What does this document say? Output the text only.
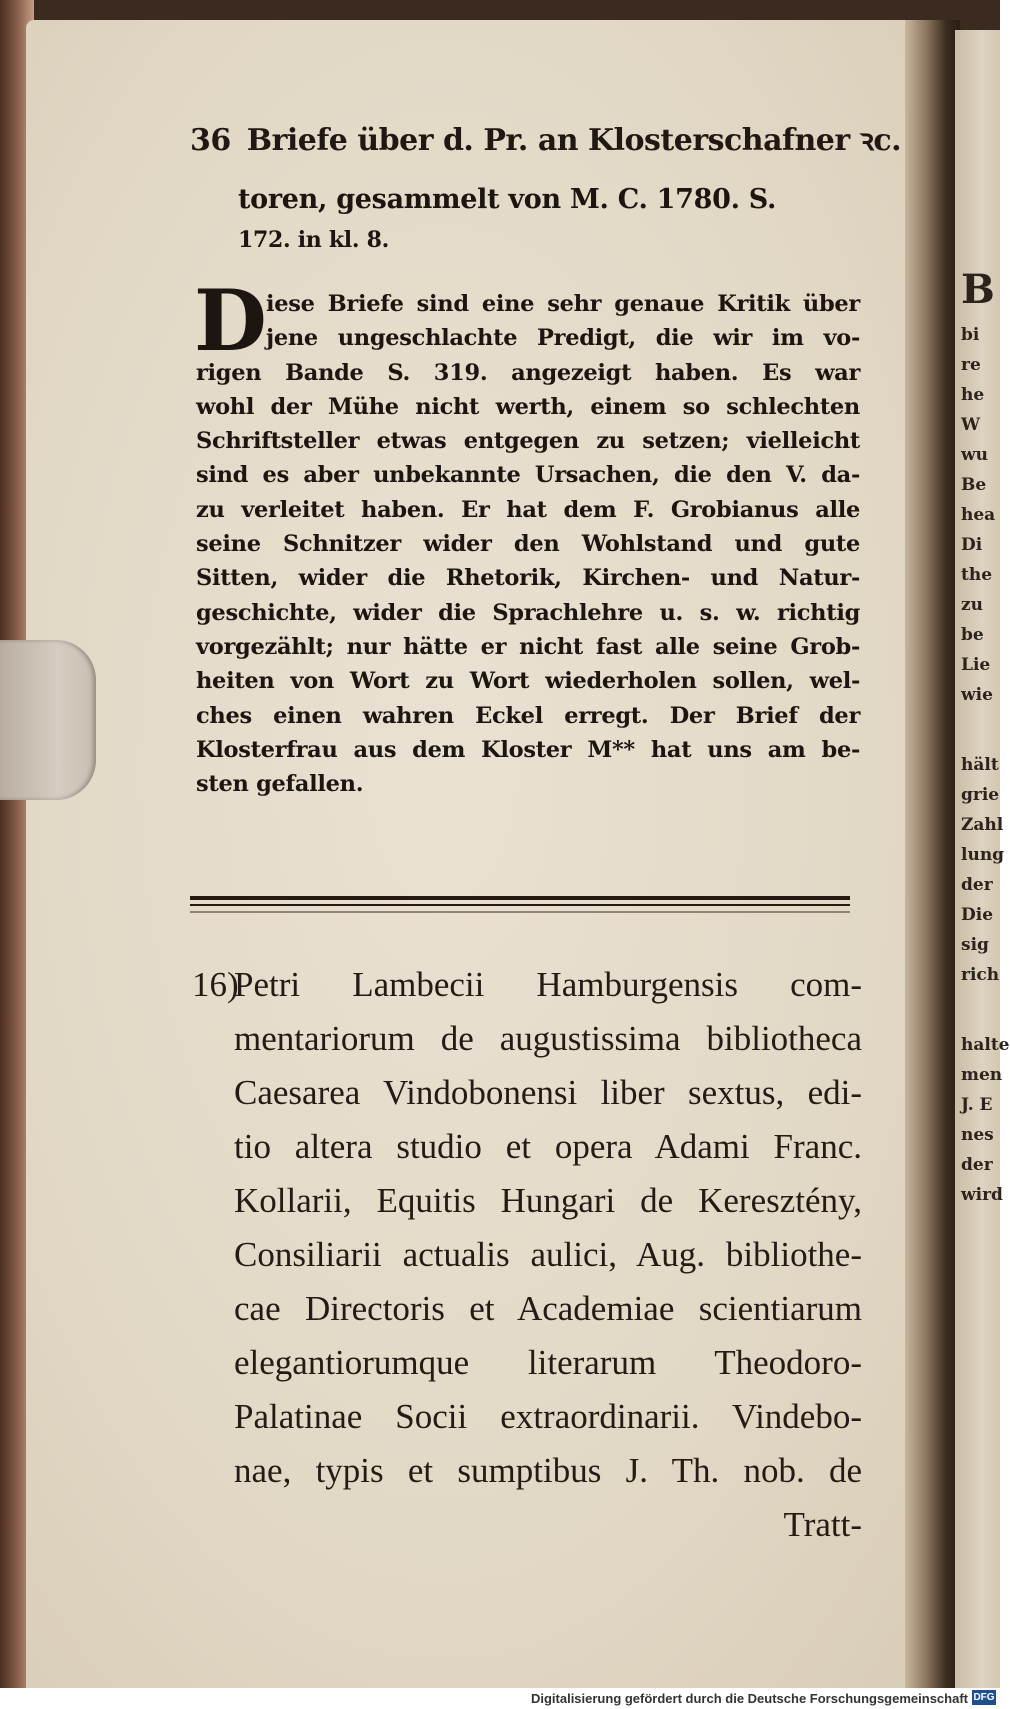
B
bi
re
he
W
wu
Be
hea
Di
the
zu
be
Lie
wie
hält
grie
Zahl
lung
der
Die
sig
rich
halte
men
J. E
nes
der
wird
36 Briefe über d. Pr. an Klosterschafner ꝛc.
toren, gesammelt von M. C. 1780. S.
172. in kl. 8.
D iese Briefe sind eine sehr genaue Kritik über
jene ungeschlachte Predigt, die wir im vo-
rigen Bande S. 319. angezeigt haben. Es war
wohl der Mühe nicht werth, einem so schlechten
Schriftsteller etwas entgegen zu setzen; vielleicht
sind es aber unbekannte Ursachen, die den V. da-
zu verleitet haben. Er hat dem F. Grobianus alle
seine Schnitzer wider den Wohlstand und gute
Sitten, wider die Rhetorik, Kirchen- und Natur-
geschichte, wider die Sprachlehre u. s. w. richtig
vorgezählt; nur hätte er nicht fast alle seine Grob-
heiten von Wort zu Wort wiederholen sollen, wel-
ches einen wahren Eckel erregt. Der Brief der
Klosterfrau aus dem Kloster M** hat uns am be-
sten gefallen.
16)Petri Lambecii Hamburgensis com-
mentariorum de augustissima bibliotheca
Caesarea Vindobonensi liber sextus, edi-
tio altera studio et opera Adami Franc.
Kollarii, Equitis Hungari de Keresztény,
Consiliarii actualis aulici, Aug. bibliothe-
cae Directoris et Academiae scientiarum
elegantiorumque literarum Theodoro-
Palatinae Socii extraordinarii. Vindebo-
nae, typis et sumptibus J. Th. nob. de
Tratt-
Digitalisierung gefördert durch die Deutsche Forschungsgemeinschaft DFG
